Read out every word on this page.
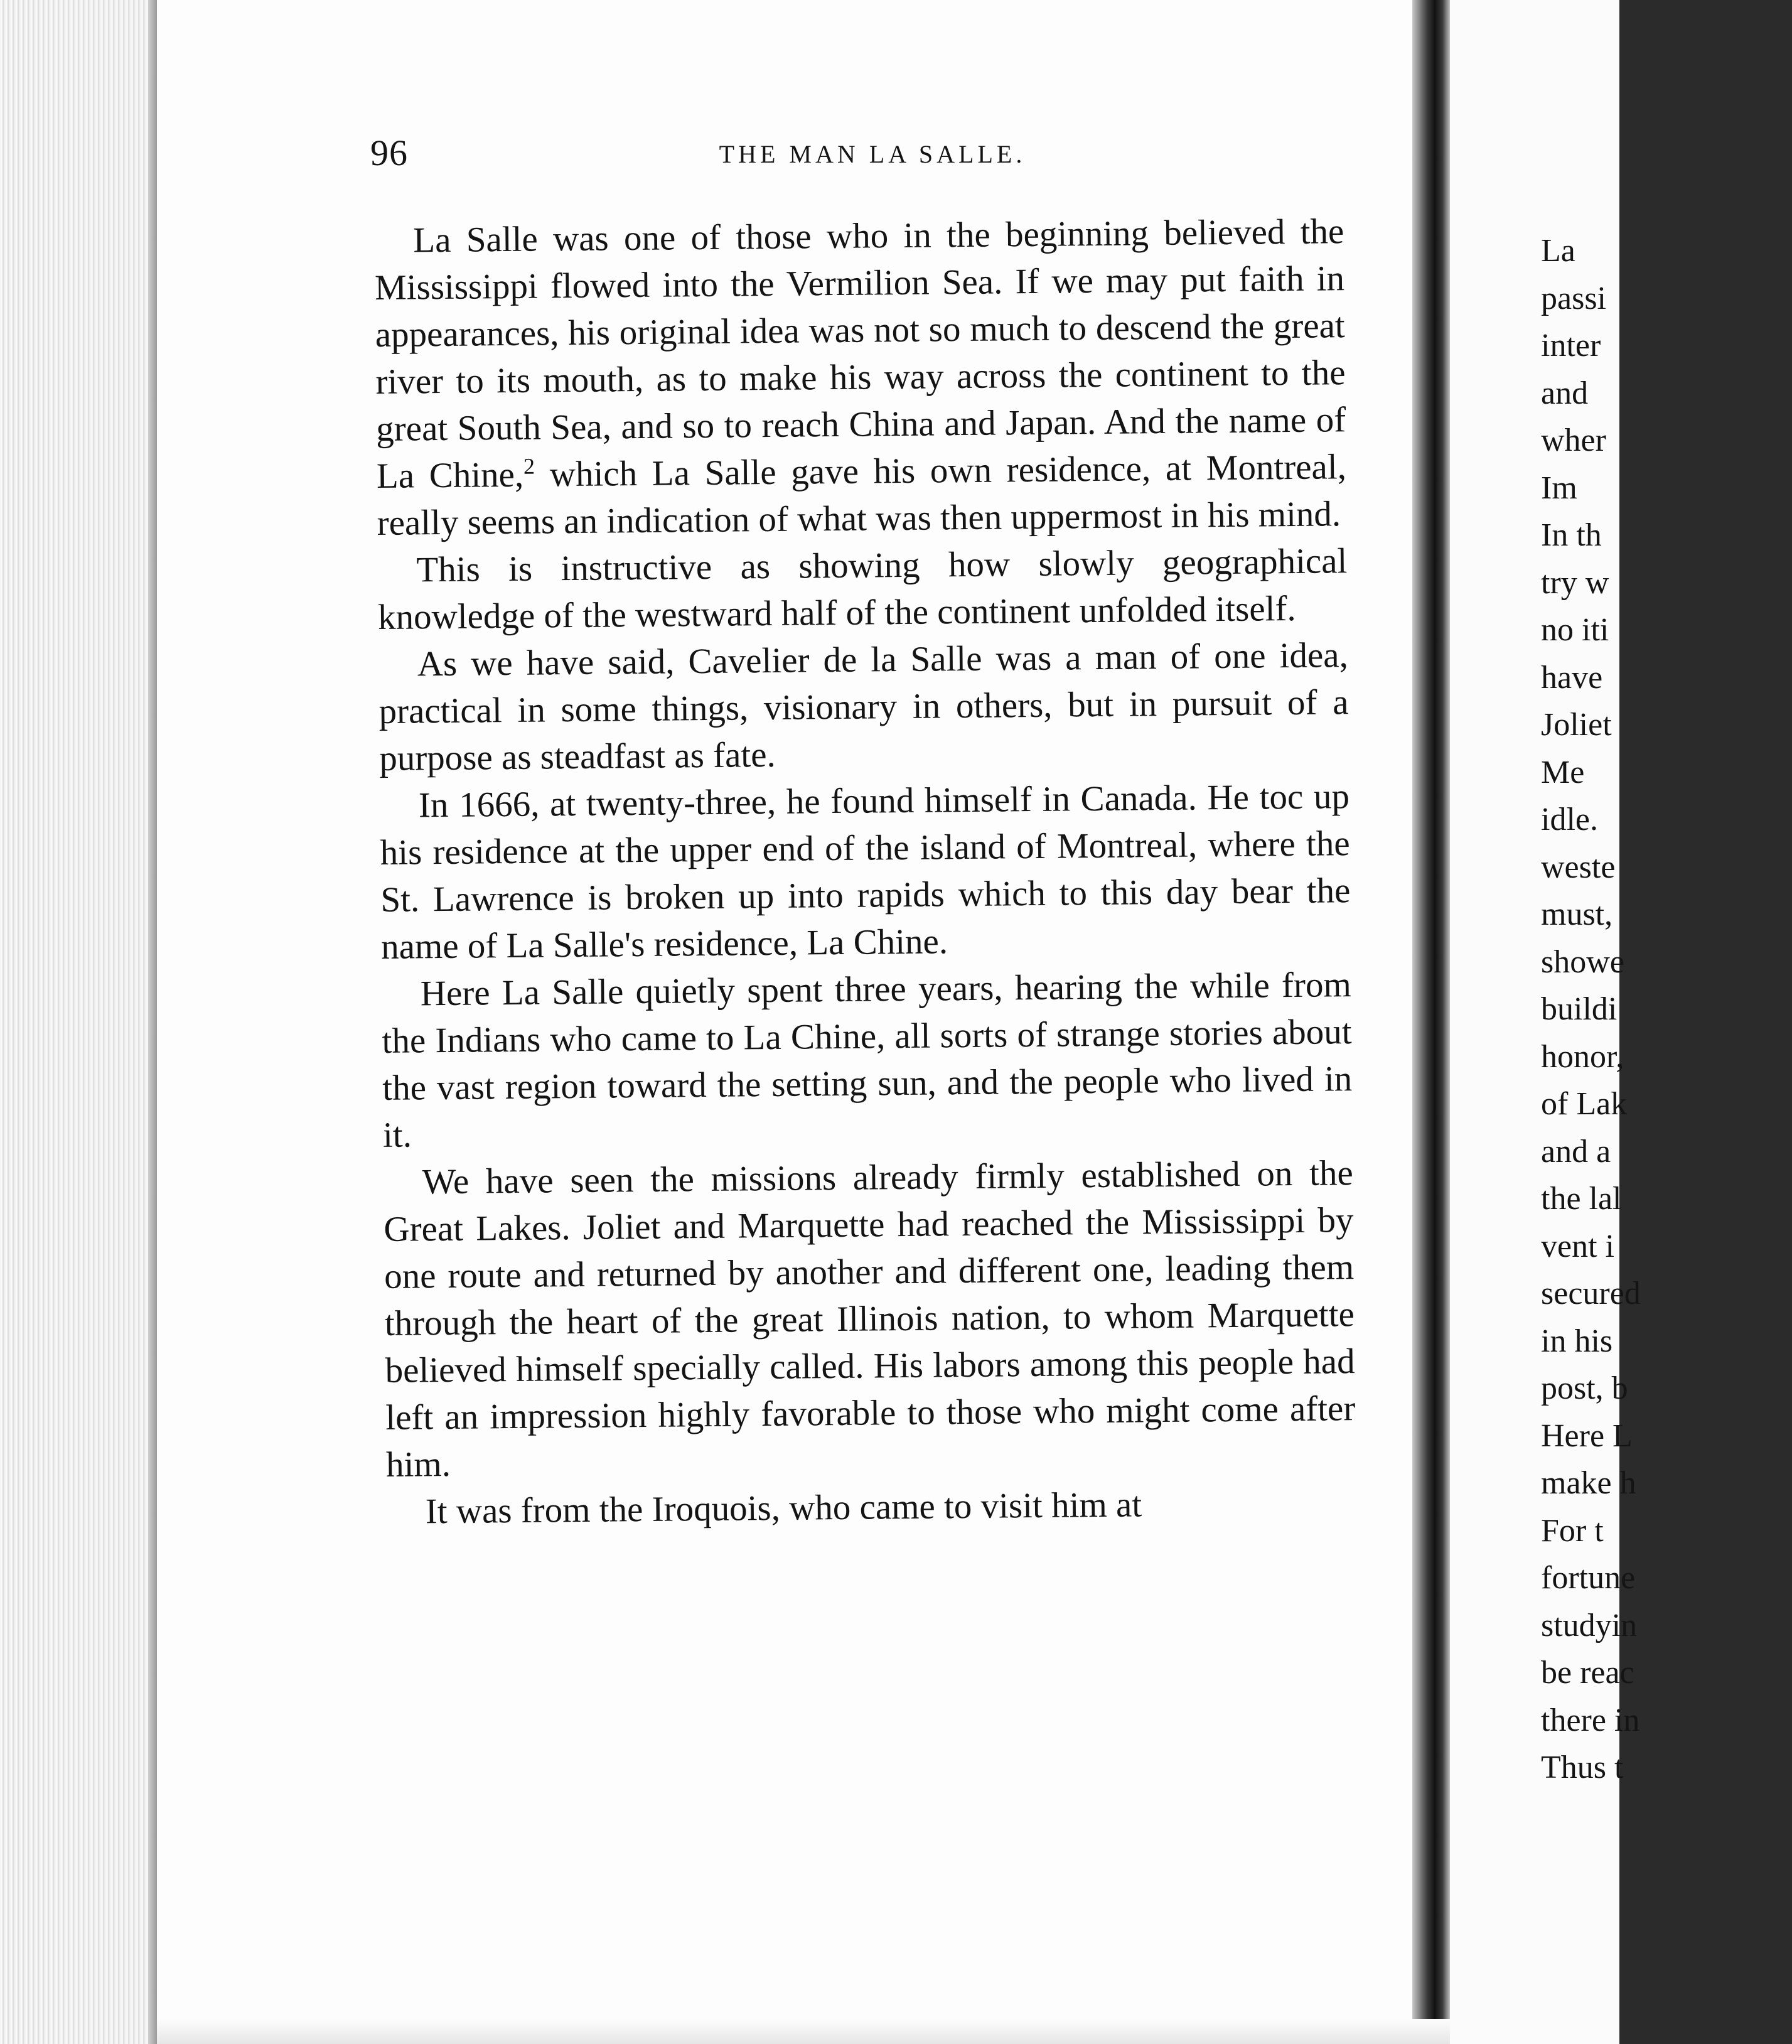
96	THE MAN LA SALLE.

La Salle was one of those who in the beginning believed the Mississippi flowed into the Vermilion Sea. If we may put faith in appearances, his original idea was not so much to descend the great river to its mouth, as to make his way across the continent to the great South Sea, and so to reach China and Japan. And the name of La Chine,$^2$ which La Salle gave his own residence, at Montreal, really seems an indication of what was then uppermost in his mind.

This is instructive as showing how slowly geographical knowledge of the westward half of the continent unfolded itself.

As we have said, Cavelier de la Salle was a man of one idea, practical in some things, visionary in others, but in pursuit of a purpose as steadfast as fate.

In 1666, at twenty-three, he found himself in Canada. He toc up his residence at the upper end of the island of Montreal, where the St. Lawrence is broken up into rapids which to this day bear the name of La Salle's residence, La Chine.

Here La Salle quietly spent three years, hearing the while from the Indians who came to La Chine, all sorts of strange stories about the vast region toward the setting sun, and the people who lived in it.

We have seen the missions already firmly established on the Great Lakes. Joliet and Marquette had reached the Mississippi by one route and returned by another and different one, leading them through the heart of the great Illinois nation, to whom Marquette believed himself specially called. His labors among this people had left an impression highly favorable to those who might come after him.

It was from the Iroquois, who came to visit him at

La
passi
inter
and
wher
Im
In th
try w
no iti
have
Joliet
Me
idle.
weste
must,
showe
buildi
honor,
of Lak
and a
the lal
vent i
secured
in his
post, b
Here L
make h
For t
fortune
studyin
be reac
there in
Thus t
